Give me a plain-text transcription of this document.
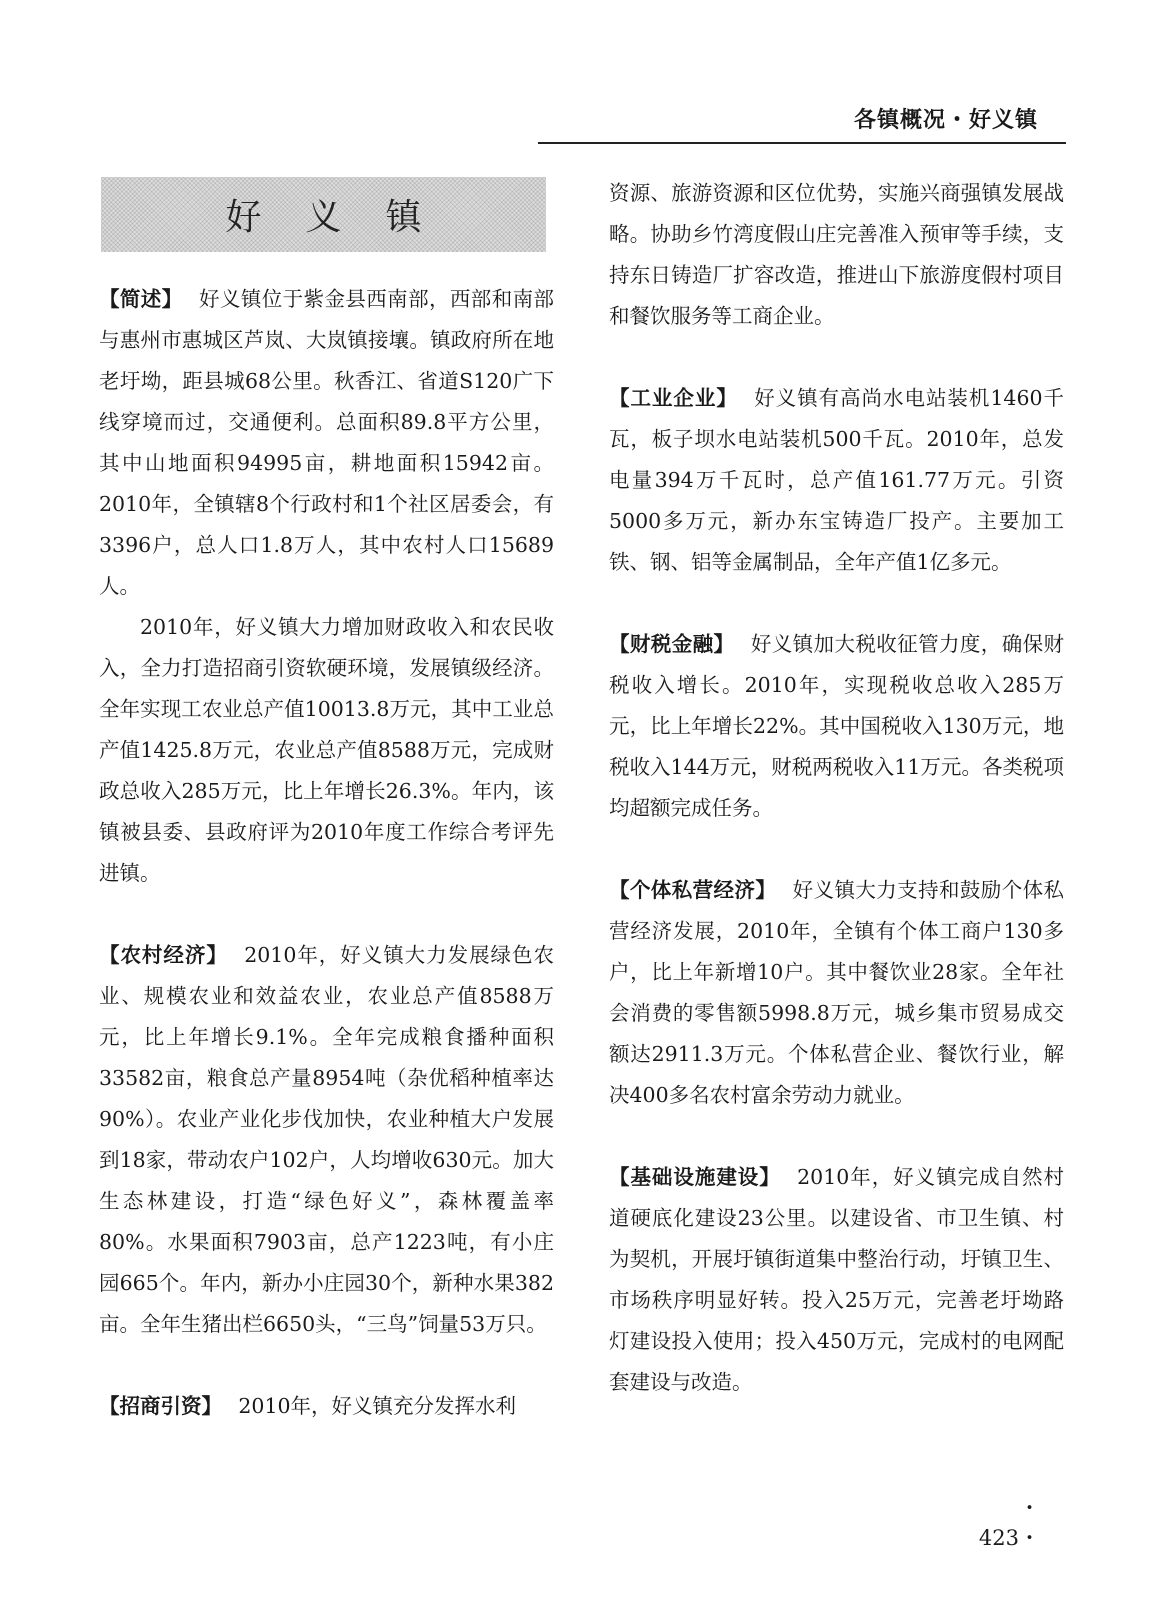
各镇概况・好义镇
好义镇

【简述】 好义镇位于紫金县西南部，西部和南部与惠州市惠城区芦岚、大岚镇接壤。镇政府所在地老圩坳，距县城68公里。秋香江、省道S120广下线穿境而过，交通便利。总面积89.8平方公里，其中山地面积94995亩，耕地面积15942亩。2010年，全镇辖8个行政村和1个社区居委会，有3396户，总人口1.8万人，其中农村人口15689人。

2010年，好义镇大力增加财政收入和农民收入，全力打造招商引资软硬环境，发展镇级经济。全年实现工农业总产值10013.8万元，其中工业总产值1425.8万元，农业总产值8588万元，完成财政总收入285万元，比上年增长26.3%。年内，该镇被县委、县政府评为2010年度工作综合考评先进镇。

【农村经济】 2010年，好义镇大力发展绿色农业、规模农业和效益农业，农业总产值8588万元，比上年增长9.1%。全年完成粮食播种面积33582亩，粮食总产量8954吨（杂优稻种植率达90%）。农业产业化步伐加快，农业种植大户发展到18家，带动农户102户，人均增收630元。加大生态林建设，打造“绿色好义”，森林覆盖率80%。水果面积7903亩，总产1223吨，有小庄园665个。年内，新办小庄园30个，新种水果382亩。全年生猪出栏6650头，“三鸟”饲量53万只。

【招商引资】 2010年，好义镇充分发挥水利

资源、旅游资源和区位优势，实施兴商强镇发展战略。协助乡竹湾度假山庄完善准入预审等手续，支持东日铸造厂扩容改造，推进山下旅游度假村项目和餐饮服务等工商企业。

【工业企业】 好义镇有高尚水电站装机1460千瓦，板子坝水电站装机500千瓦。2010年，总发电量394万千瓦时，总产值161.77万元。引资5000多万元，新办东宝铸造厂投产。主要加工铁、钢、铝等金属制品，全年产值1亿多元。

【财税金融】 好义镇加大税收征管力度，确保财税收入增长。2010年，实现税收总收入285万元，比上年增长22%。其中国税收入130万元，地税收入144万元，财税两税收入11万元。各类税项均超额完成任务。

【个体私营经济】 好义镇大力支持和鼓励个体私营经济发展，2010年，全镇有个体工商户130多户，比上年新增10户。其中餐饮业28家。全年社会消费的零售额5998.8万元，城乡集市贸易成交额达2911.3万元。个体私营企业、餐饮行业，解决400多名农村富余劳动力就业。

【基础设施建设】 2010年，好义镇完成自然村道硬底化建设23公里。以建设省、市卫生镇、村为契机，开展圩镇街道集中整治行动，圩镇卫生、市场秩序明显好转。投入25万元，完善老圩坳路灯建设投入使用；投入450万元，完成村的电网配套建设与改造。

・423・
